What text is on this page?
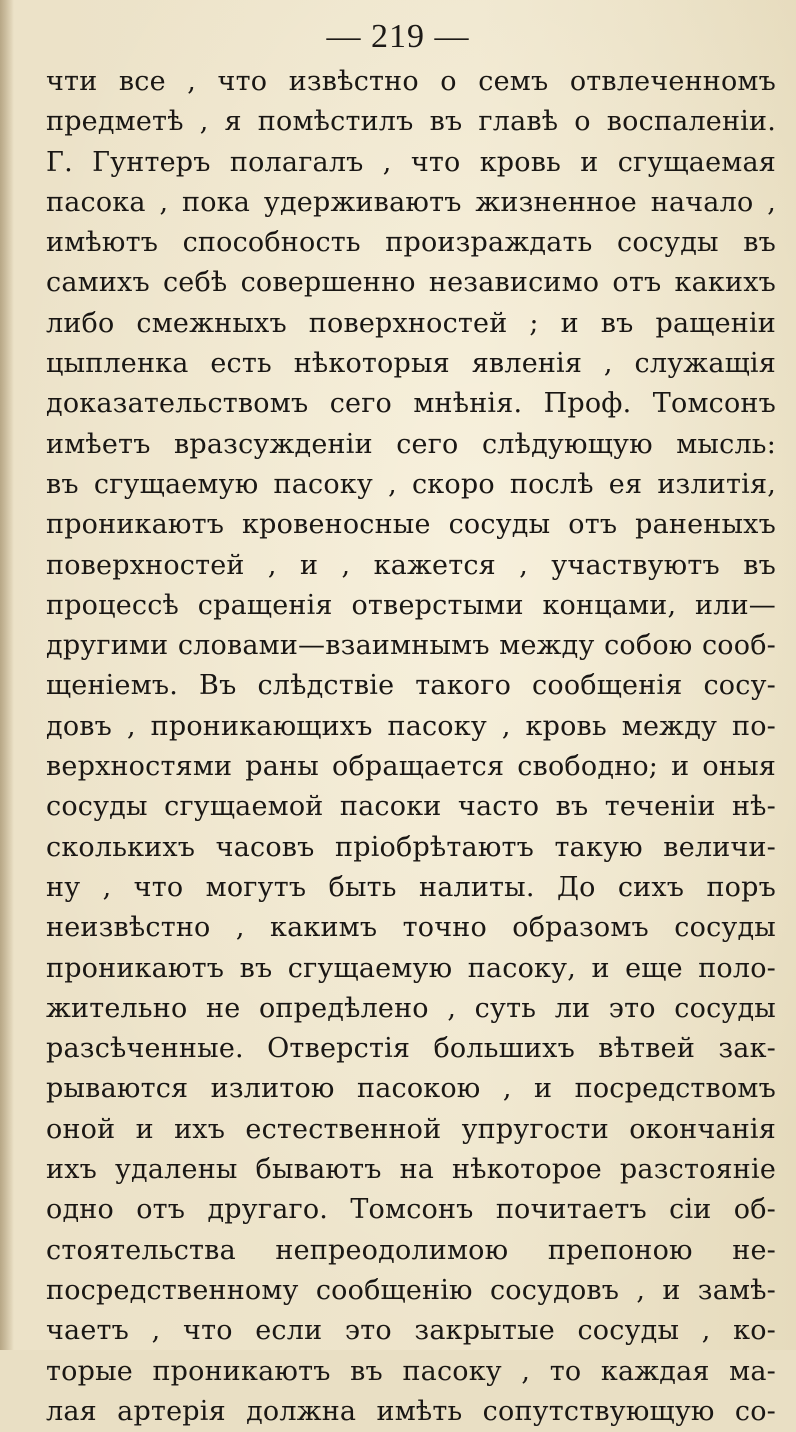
— 219 —
чти все , что извѣстно о семъ отвлеченномъ
предметѣ , я помѣстилъ въ главѣ о воспаленіи.
Г. Гунтеръ полагалъ , что кровь и сгущаемая
пасока , пока удерживаютъ жизненное начало ,
имѣютъ способность произраждать сосуды въ
самихъ себѣ совершенно независимо отъ какихъ
либо смежныхъ поверхностей ; и въ ращеніи
цыпленка есть нѣкоторыя явленія , служащія
доказательствомъ сего мнѣнія. Проф. Томсонъ
имѣетъ вразсужденіи сего слѣдующую мысль:
въ сгущаемую пасоку , скоро послѣ ея излитія,
проникаютъ кровеносные сосуды отъ раненыхъ
поверхностей , и , кажется , участвуютъ въ
процессѣ сращенія отверстыми концами, или—
другими словами—взаимнымъ между собою сооб-
щеніемъ. Въ слѣдствіе такого сообщенія сосу-
довъ , проникающихъ пасоку , кровь между по-
верхностями раны обращается свободно; и оныя
сосуды сгущаемой пасоки часто въ теченіи нѣ-
сколькихъ часовъ пріобрѣтаютъ такую величи-
ну , что могутъ быть налиты. До сихъ поръ
неизвѣстно , какимъ точно образомъ сосуды
проникаютъ въ сгущаемую пасоку, и еще поло-
жительно не опредѣлено , суть ли это сосуды
разсѣченные. Отверстія большихъ вѣтвей зак-
рываются излитою пасокою , и посредствомъ
оной и ихъ естественной упругости окончанія
ихъ удалены бываютъ на нѣкоторое разстояніе
одно отъ другаго. Томсонъ почитаетъ сіи об-
стоятельства непреодолимою препоною не-
посредственному сообщенію сосудовъ , и замѣ-
чаетъ , что если это закрытые сосуды , ко-
торые проникаютъ въ пасоку , то каждая ма-
лая артерія должна имѣть сопутствующую со-
